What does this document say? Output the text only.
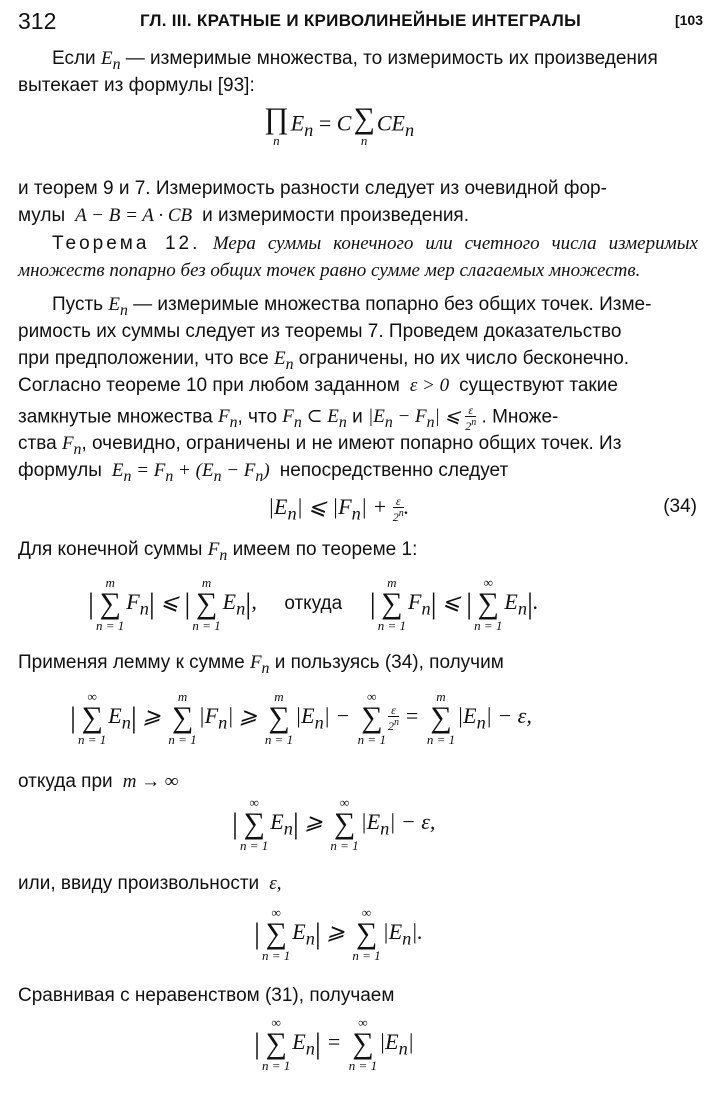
312	ГЛ. III. КРАТНЫЕ И КРИВОЛИНЕЙНЫЕ ИНТЕГРАЛЫ	[103
Если $E_n$ — измеримые множества, то измеримость их произведения
вытекает из формулы [93]:
∏
n
$E_n = C$ ∑
n
$CE_n$
и теорем 9 и 7. Измеримость разности следует из очевидной фор-
мулы  A − B = A · CB  и измеримости произведения.
Теорема 12. Мера суммы конечного или счетного числа измеримых множеств попарно без общих точек равно сумме мер слагаемых множеств.
Пусть $E_n$ — измеримые множества попарно без общих точек. Изме-
римость их суммы следует из теоремы 7. Проведем доказательство
при предположении, что все $E_n$ ограничены, но их число бесконечно.
Согласно теореме 10 при любом заданном  ε > 0  существуют такие
замкнутые множества $F_n$, что $F_n$ ⊂ $E_n$ и $|E_n - F_n|$ ⩽ $\frac{\varepsilon}{2^n}$ . Множе-
ства $F_n$, очевидно, ограничены и не имеют попарно общих точек. Из
формулы  $E_n = F_n + (E_n - F_n)$  непосредственно следует
$|E_n|$ ⩽ $|F_n| + \frac{\varepsilon}{2^n}$ .	(34)
Для конечной суммы $F_n$ имеем по теореме 1:
|
m
∑
n = 1
$F_n|$ ⩽ |
m
∑
n = 1
$E_n|$, откуда |
m
∑
n = 1
$F_n|$ ⩽ |
∞
∑
n = 1
$E_n|$.
Применяя лемму к сумме $F_n$ и пользуясь (34), получим
|
∞
∑
n = 1
$E_n|$ ⩾
m
∑
n = 1
$|F_n|$ ⩾
m
∑
n = 1
$|E_n|$ −
∞
∑
n = 1
$\frac{\varepsilon}{2^n}$ =
m
∑
n = 1
$|E_n| - \varepsilon$,
откуда при  m → ∞
|
∞
∑
n = 1
$E_n|$ ⩾
∞
∑
n = 1
$|E_n| - \varepsilon$,
или, ввиду произвольности  ε,
|
∞
∑
n = 1
$E_n|$ ⩾
∞
∑
n = 1
$|E_n|$.
Сравнивая с неравенством (31), получаем
|
∞
∑
n = 1
$E_n|$ =
∞
∑
n = 1
$|E_n|$
